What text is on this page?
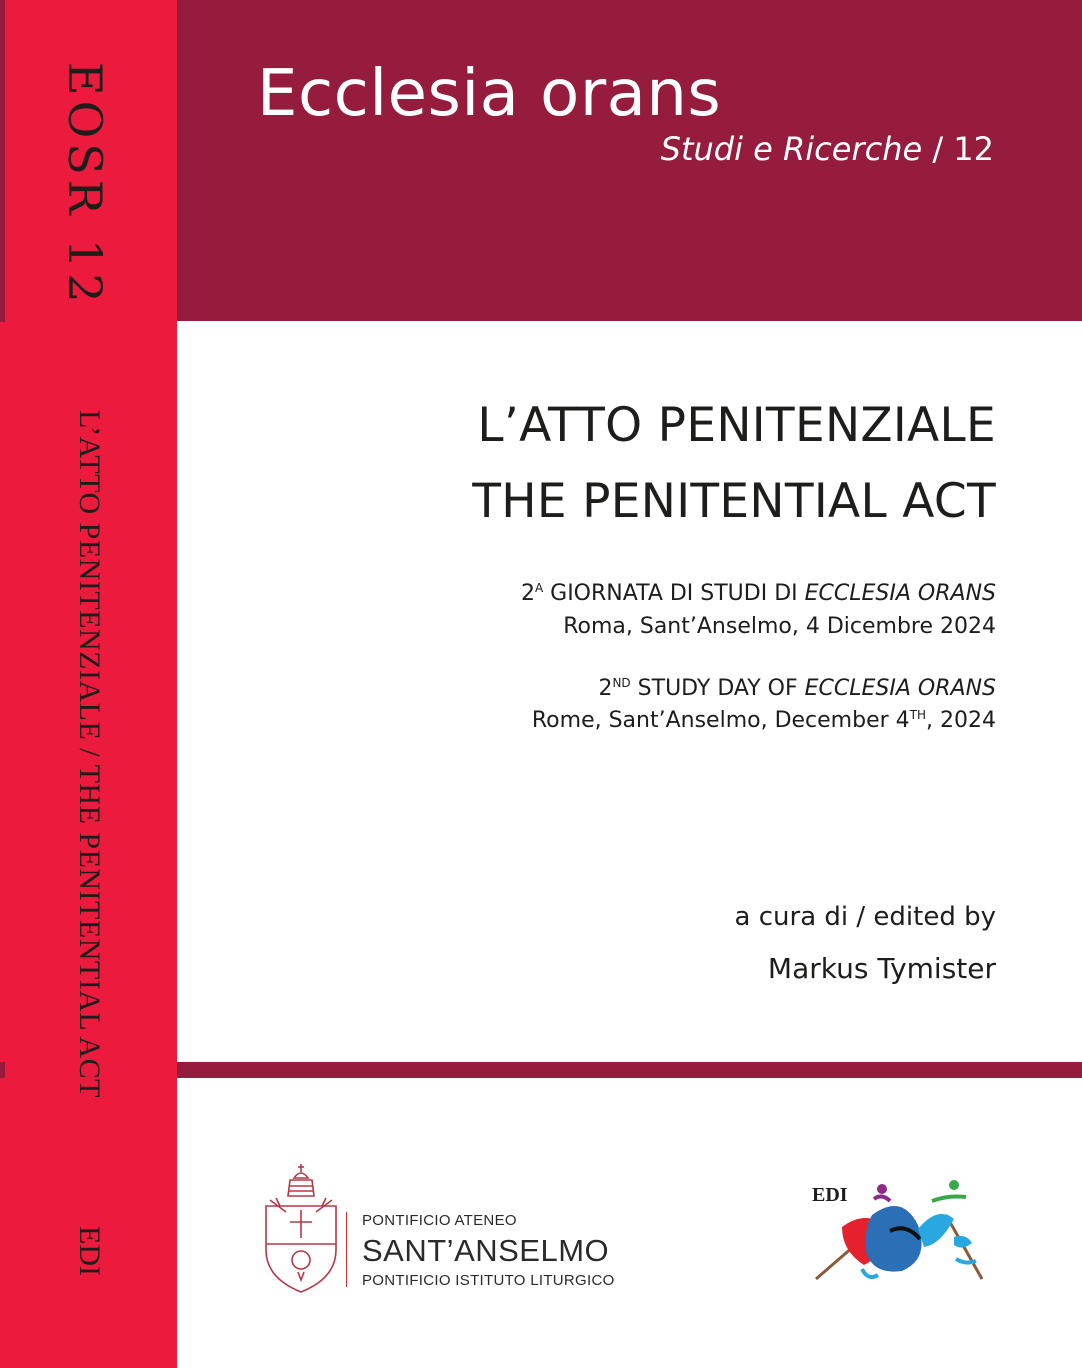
EOSR 12
L’ATTO PENITENZIALE / THE PENITENTIAL ACT
EDI
Ecclesia orans
Studi e Ricerche / 12
L’ATTO PENITENZIALE
THE PENITENTIAL ACT
$2^A$ GIORNATA DI STUDI DI ECCLESIA ORANS
Roma, Sant’Anselmo, 4 Dicembre 2024
2ND STUDY DAY OF ECCLESIA ORANS
Rome, Sant’Anselmo, December 4TH, 2024
a cura di / edited by
Markus Tymister
PONTIFICIO ATENEO
SANT’ANSELMO
PONTIFICIO ISTITUTO LITURGICO
EDI
